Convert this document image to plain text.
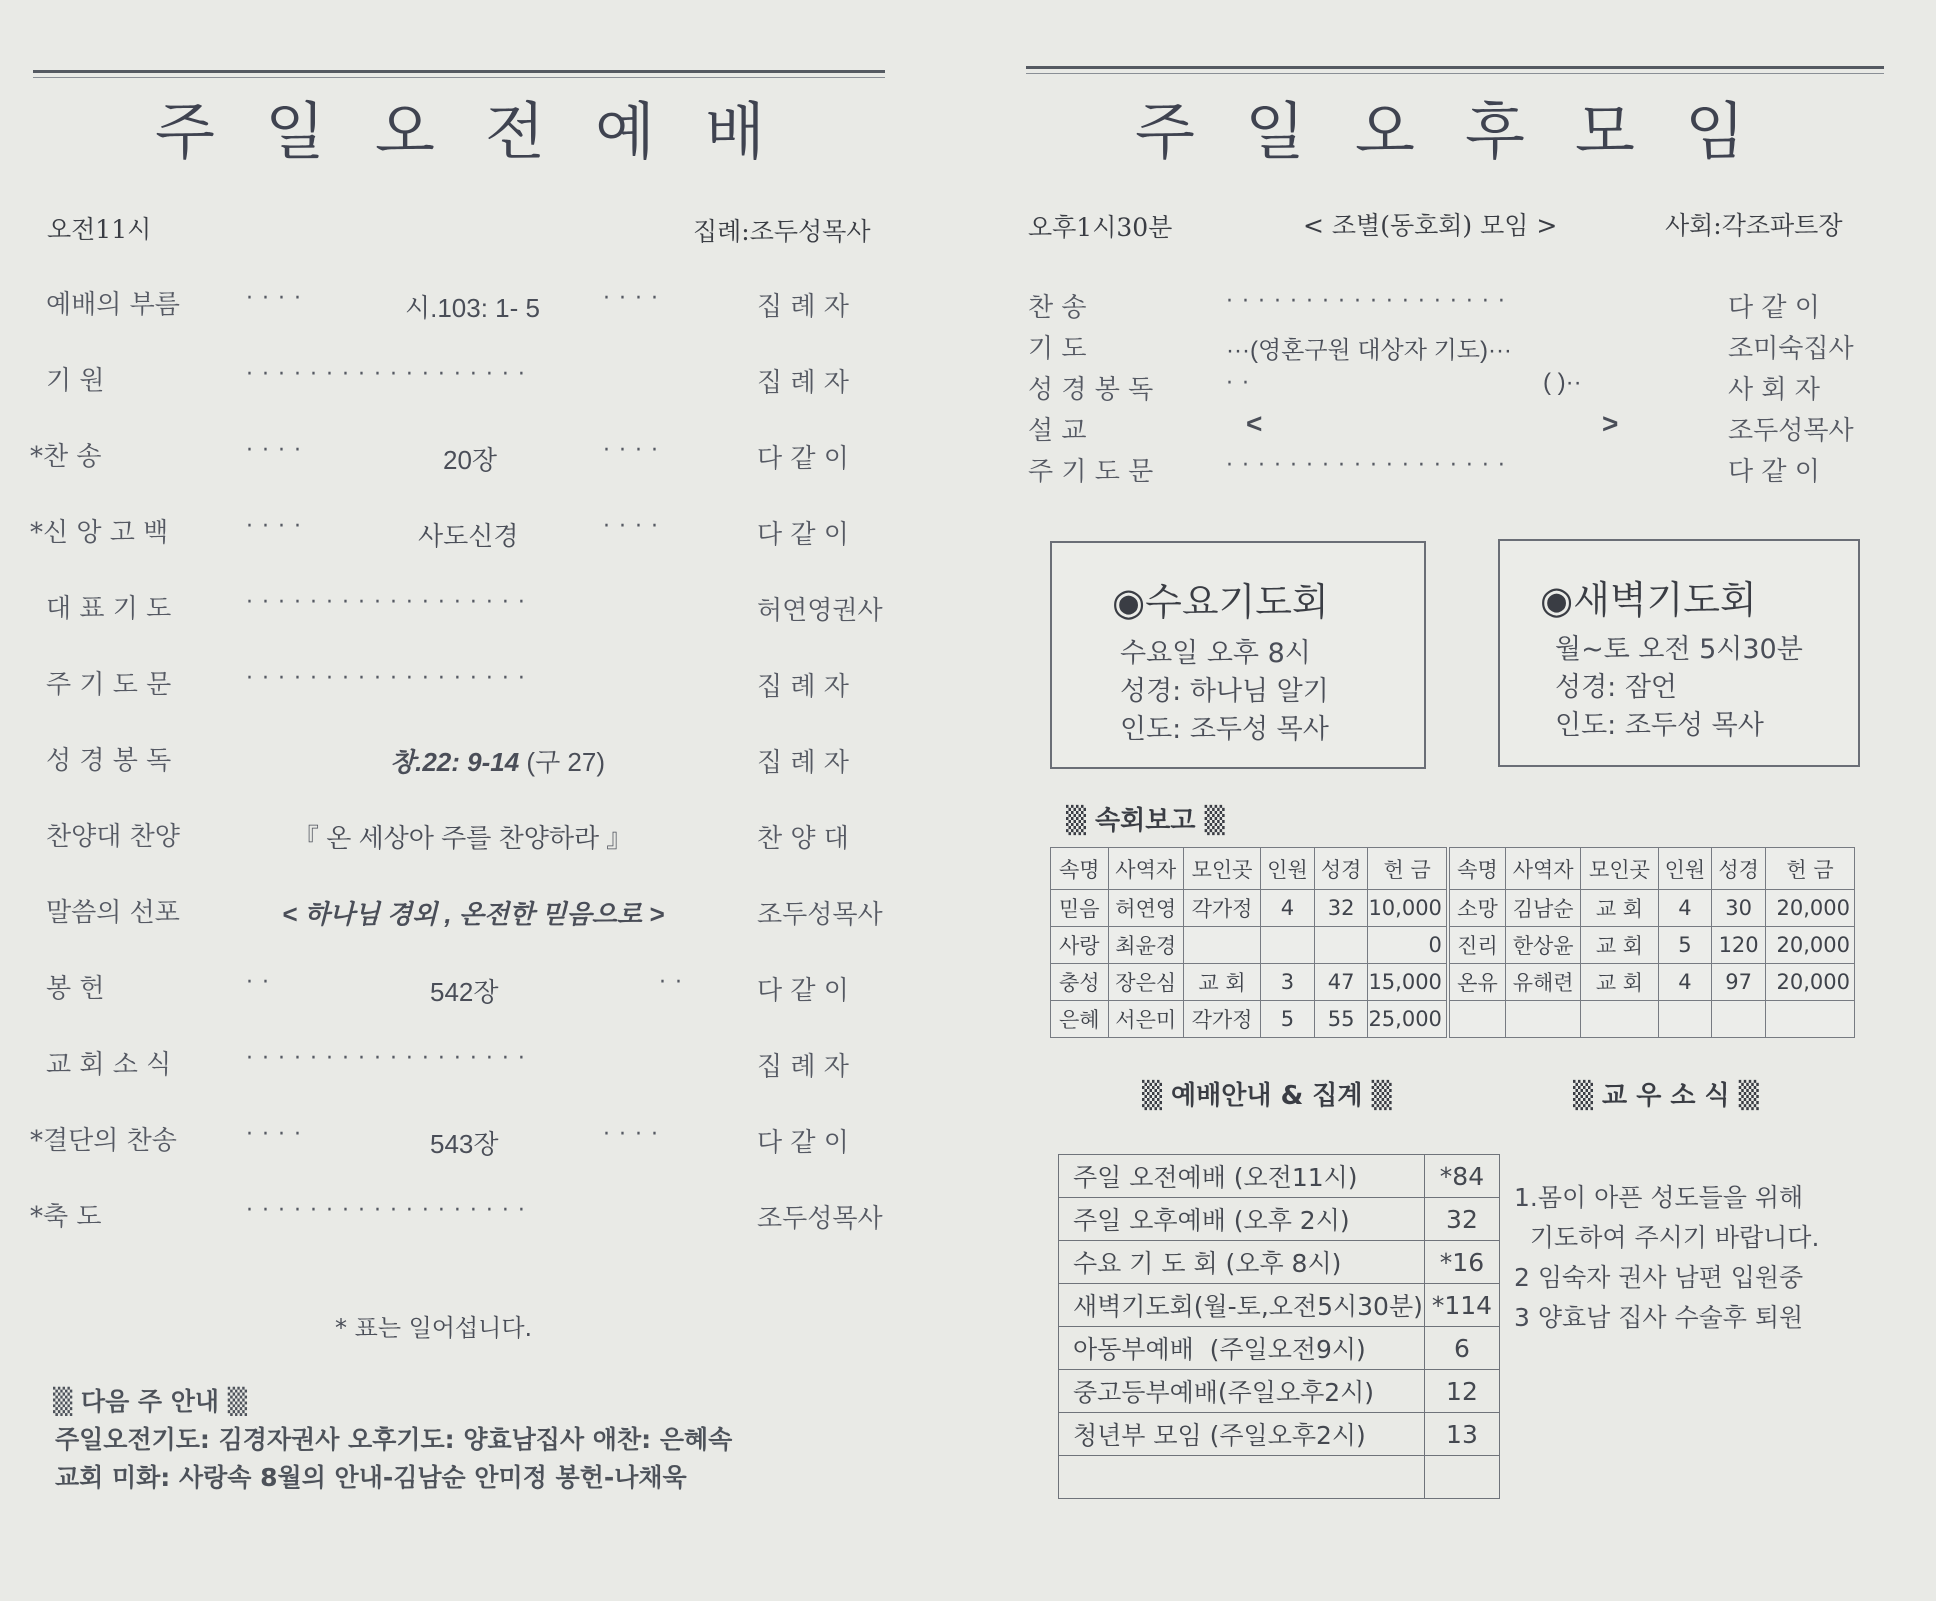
주 일 오 전 예 배
오전11시	집례:조두성목사
예배의 부름	····	시.103: 1- 5	····	집 례 자
기 원	··················	집 례 자
*찬 송	····	20장	····	다 같 이
*신 앙 고 백	····	사도신경	····	다 같 이
대 표 기 도	··················	허연영권사
주 기 도 문	··················	집 례 자
성 경 봉 독	창.22: 9-14 (구 27)	집 례 자
찬양대 찬양	『 온 세상아 주를 찬양하라 』	찬 양 대
말씀의 선포	< 하나님 경외 , 온전한 믿음으로 >	조두성목사
봉 헌	··	542장	··	다 같 이
교 회 소 식	··················	집 례 자
*결단의 찬송	····	543장	····	다 같 이
*축 도	··················	조두성목사
* 표는 일어섭니다.
▒ 다음 주 안내 ▒
주일오전기도: 김경자권사 오후기도: 양효남집사 애찬: 은혜속
교회 미화: 사랑속 8월의 안내-김남순 안미정 봉헌-나채욱
주 일 오 후 모 임
오후1시30분	< 조별(동호회) 모임 >	사회:각조파트장
찬 송	··················	다 같 이
기 도	···(영혼구원 대상자 기도)···	조미숙집사
성 경 봉 독	··	( )··	사 회 자
설 교	<	>	조두성목사
주 기 도 문	··················	다 같 이
◉수요기도회
수요일 오후 8시
성경: 하나님 알기
인도: 조두성 목사
◉새벽기도회
월~토 오전 5시30분
성경: 잠언
인도: 조두성 목사
▒ 속회보고 ▒
속명	사역자	모인곳	인원	성경	헌 금	속명	사역자	모인곳	인원	성경	헌 금
믿음	허연영	각가정	4	32	10,000	소망	김남순	교 회	4	30	20,000
사랑	최윤경				0	진리	한상윤	교 회	5	120	20,000
충성	장은심	교 회	3	47	15,000	온유	유해련	교 회	4	97	20,000
은혜	서은미	각가정	5	55	25,000						
▒ 예배안내 & 집계 ▒	▒ 교 우 소 식 ▒
주일 오전예배 (오전11시)	*84
주일 오후예배 (오후 2시)	32
수요 기 도 회 (오후 8시)	*16
새벽기도회(월-토,오전5시30분)	*114
아동부예배  (주일오전9시)	6
중고등부예배(주일오후2시)	12
청년부 모임 (주일오후2시)	13

1.몸이 아픈 성도들을 위해
기도하여 주시기 바랍니다.
2 임숙자 권사 남편 입원중
3 양효남 집사 수술후 퇴원
